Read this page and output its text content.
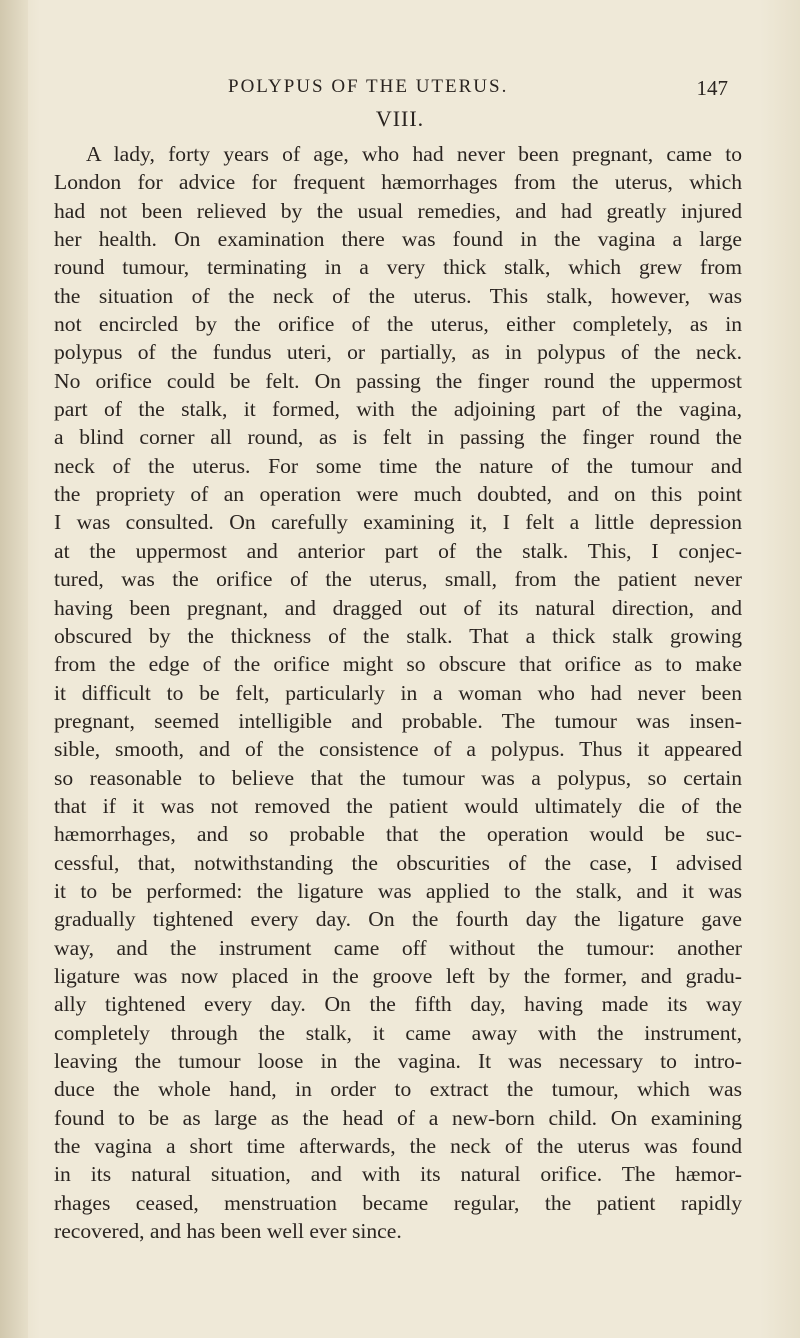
POLYPUS OF THE UTERUS.	147
VIII.
A lady, forty years of age, who had never been pregnant, came to
London for advice for frequent hæmorrhages from the uterus, which
had not been relieved by the usual remedies, and had greatly injured
her health. On examination there was found in the vagina a large
round tumour, terminating in a very thick stalk, which grew from
the situation of the neck of the uterus. This stalk, however, was
not encircled by the orifice of the uterus, either completely, as in
polypus of the fundus uteri, or partially, as in polypus of the neck.
No orifice could be felt. On passing the finger round the uppermost
part of the stalk, it formed, with the adjoining part of the vagina,
a blind corner all round, as is felt in passing the finger round the
neck of the uterus. For some time the nature of the tumour and
the propriety of an operation were much doubted, and on this point
I was consulted. On carefully examining it, I felt a little depression
at the uppermost and anterior part of the stalk. This, I conjec-
tured, was the orifice of the uterus, small, from the patient never
having been pregnant, and dragged out of its natural direction, and
obscured by the thickness of the stalk. That a thick stalk growing
from the edge of the orifice might so obscure that orifice as to make
it difficult to be felt, particularly in a woman who had never been
pregnant, seemed intelligible and probable. The tumour was insen-
sible, smooth, and of the consistence of a polypus. Thus it appeared
so reasonable to believe that the tumour was a polypus, so certain
that if it was not removed the patient would ultimately die of the
hæmorrhages, and so probable that the operation would be suc-
cessful, that, notwithstanding the obscurities of the case, I advised
it to be performed: the ligature was applied to the stalk, and it was
gradually tightened every day. On the fourth day the ligature gave
way, and the instrument came off without the tumour: another
ligature was now placed in the groove left by the former, and gradu-
ally tightened every day. On the fifth day, having made its way
completely through the stalk, it came away with the instrument,
leaving the tumour loose in the vagina. It was necessary to intro-
duce the whole hand, in order to extract the tumour, which was
found to be as large as the head of a new-born child. On examining
the vagina a short time afterwards, the neck of the uterus was found
in its natural situation, and with its natural orifice. The hæmor-
rhages ceased, menstruation became regular, the patient rapidly
recovered, and has been well ever since.
